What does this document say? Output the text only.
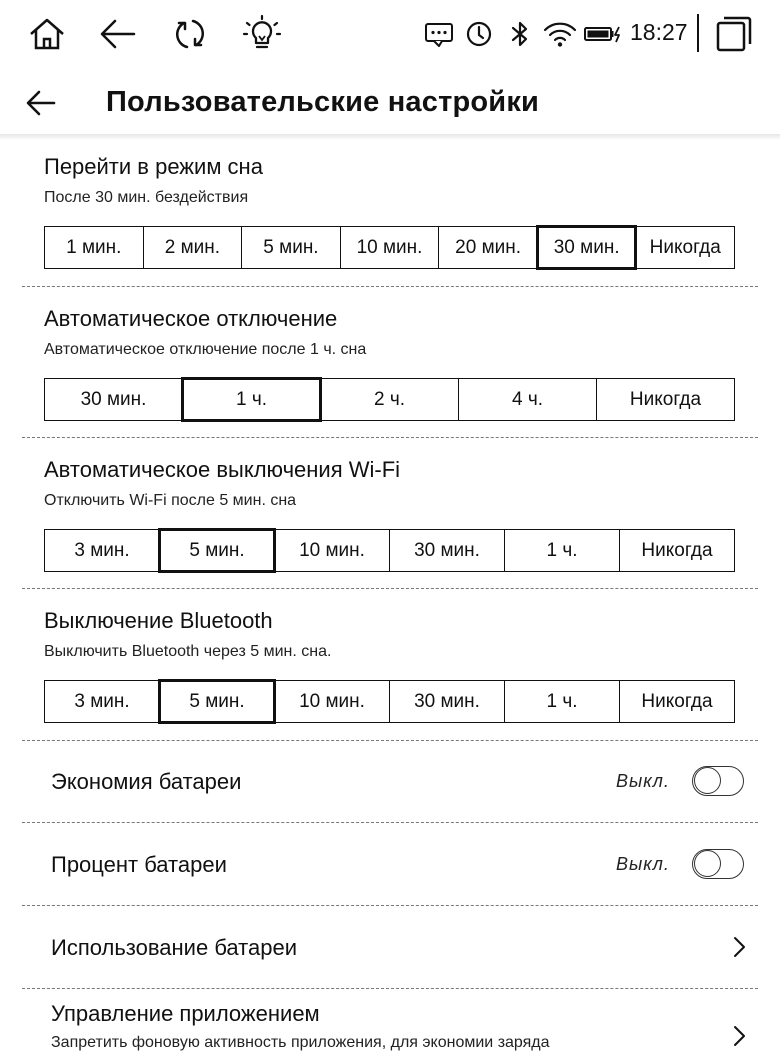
18:27
Пользовательские настройки
Перейти в режим сна
После 30 мин. бездействия
1 мин. 2 мин. 5 мин. 10 мин. 20 мин. 30 мин. Никогда
Автоматическое отключение
Автоматическое отключение после 1 ч. сна
30 мин.	1 ч.	2 ч.	4 ч.	Никогда
Автоматическое выключения Wi-Fi
Отключить Wi-Fi после 5 мин. сна
3 мин.	5 мин.	10 мин.	30 мин.	1 ч.	Никогда
Выключение Bluetooth
Выключить Bluetooth через 5 мин. сна.
3 мин.	5 мин.	10 мин.	30 мин.	1 ч.	Никогда
Экономия батареи	Выкл.
Процент батареи	Выкл.
Использование батареи
Управление приложением
Запретить фоновую активность приложения, для экономии заряда
